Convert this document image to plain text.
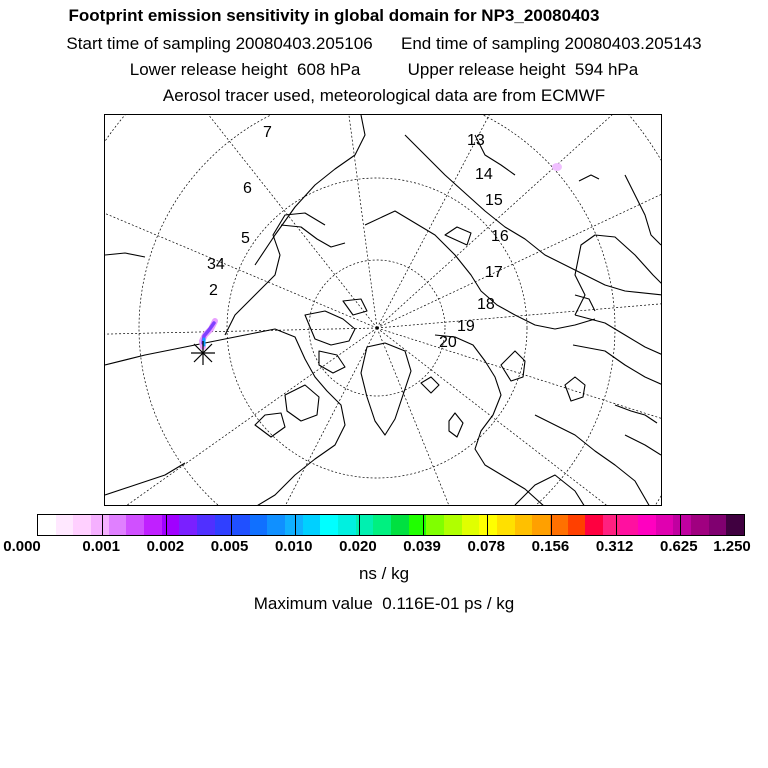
Footprint emission sensitivity in global domain for NP3_20080403
Start time of sampling 20080403.205106 End time of sampling 20080403.205143
Lower release height 608 hPa	Upper release height 594 hPa
Aerosol tracer used, meteorological data are from ECMWF
2
34
5
6
7	13
14
15
16
17
18
19
20
0.000	0.001 0.002 0.005 0.010 0.020 0.039 0.078 0.156 0.312 0.625 1.250
ns / kg
Maximum value 0.116E-01 ps / kg
